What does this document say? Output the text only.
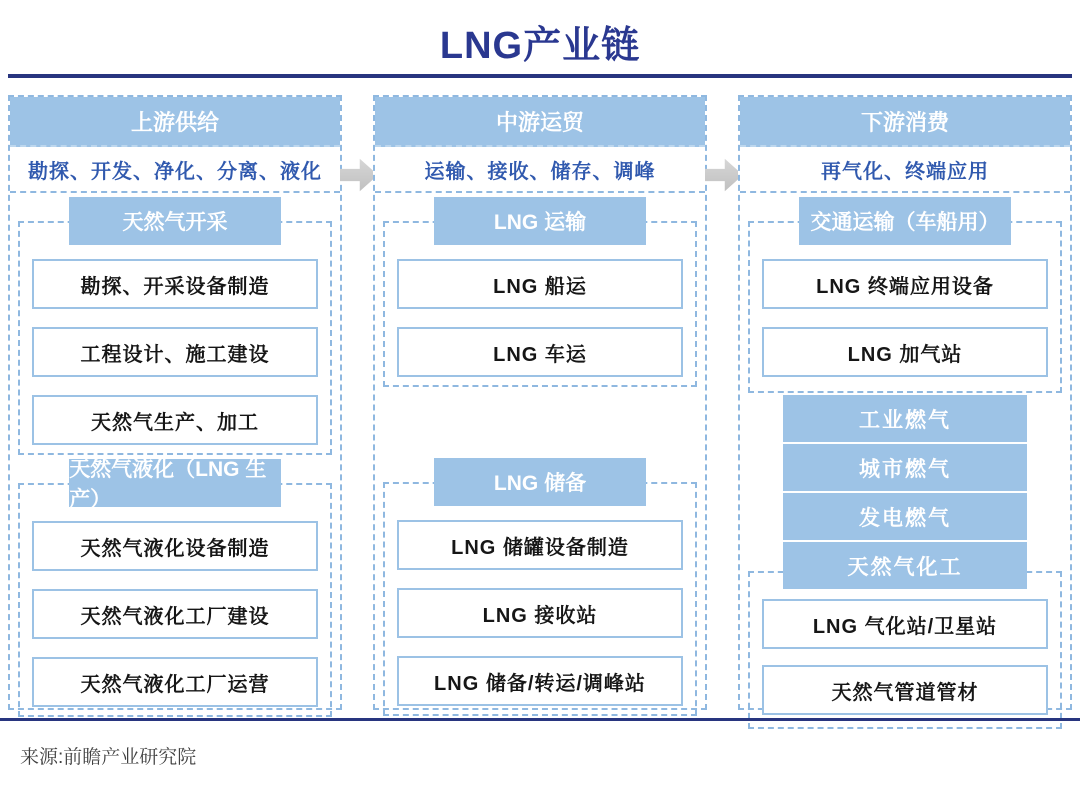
LNG产业链
上游供给
勘探、开发、净化、分离、液化
天然气开采
勘探、开采设备制造
工程设计、施工建设
天然气生产、加工
天然气液化（LNG 生产）
天然气液化设备制造
天然气液化工厂建设
天然气液化工厂运营
中游运贸
运输、接收、储存、调峰
LNG 运输
LNG 船运
LNG 车运
LNG 储备
LNG 储罐设备制造
LNG 接收站
LNG 储备/转运/调峰站
下游消费
再气化、终端应用
交通运输（车船用）
LNG 终端应用设备
LNG 加气站
工业燃气
城市燃气
发电燃气
天然气化工
LNG 气化站/卫星站
天然气管道管材
来源:前瞻产业研究院
